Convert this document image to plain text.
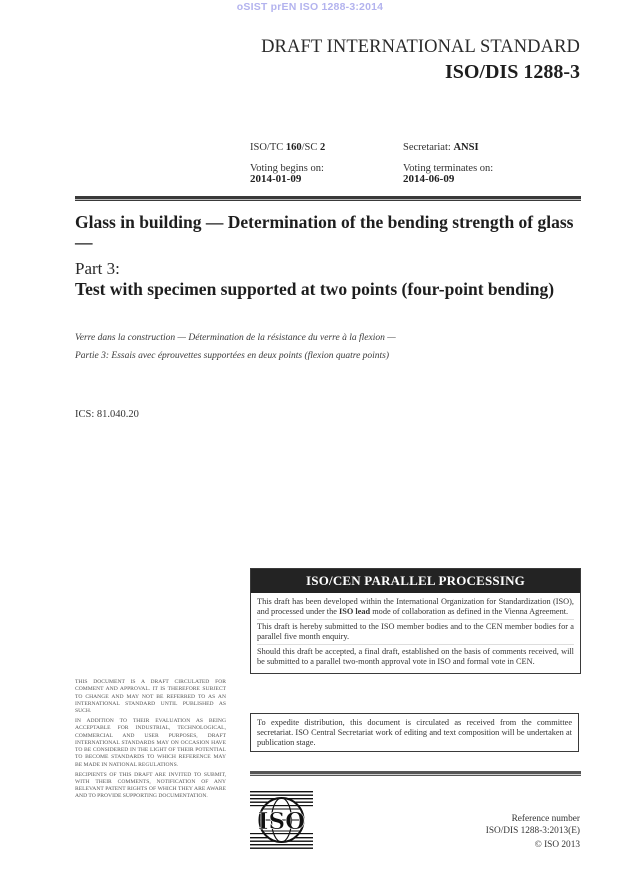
oSIST prEN ISO 1288-3:2014
DRAFT INTERNATIONAL STANDARD
ISO/DIS 1288-3
ISO/TC 160/SC 2	Secretariat: ANSI
Voting begins on:
2014-01-09
Voting terminates on:
2014-06-09
Glass in building — Determination of the bending strength of glass —
Part 3:
Test with specimen supported at two points (four-point bending)
Verre dans la construction — Détermination de la résistance du verre à la flexion —
Partie 3: Essais avec éprouvettes supportées en deux points (flexion quatre points)
ICS: 81.040.20
ISO/CEN PARALLEL PROCESSING

This draft has been developed within the International Organization for Standardization (ISO), and processed under the ISO lead mode of collaboration as defined in the Vienna Agreement.

This draft is hereby submitted to the ISO member bodies and to the CEN member bodies for a parallel five month enquiry.

Should this draft be accepted, a final draft, established on the basis of comments received, will be submitted to a parallel two-month approval vote in ISO and formal vote in CEN.

To expedite distribution, this document is circulated as received from the committee secretariat. ISO Central Secretariat work of editing and text composition will be undertaken at publication stage.

THIS DOCUMENT IS A DRAFT CIRCULATED FOR COMMENT AND APPROVAL. IT IS THEREFORE SUBJECT TO CHANGE AND MAY NOT BE REFERRED TO AS AN INTERNATIONAL STANDARD UNTIL PUBLISHED AS SUCH.

IN ADDITION TO THEIR EVALUATION AS BEING ACCEPTABLE FOR INDUSTRIAL, TECHNOLOGICAL, COMMERCIAL AND USER PURPOSES, DRAFT INTERNATIONAL STANDARDS MAY ON OCCASION HAVE TO BE CONSIDERED IN THE LIGHT OF THEIR POTENTIAL TO BECOME STANDARDS TO WHICH REFERENCE MAY BE MADE IN NATIONAL REGULATIONS.

RECIPIENTS OF THIS DRAFT ARE INVITED TO SUBMIT, WITH THEIR COMMENTS, NOTIFICATION OF ANY RELEVANT PATENT RIGHTS OF WHICH THEY ARE AWARE AND TO PROVIDE SUPPORTING DOCUMENTATION.

ISO	Reference number
ISO/DIS 1288-3:2013(E)
© ISO 2013
